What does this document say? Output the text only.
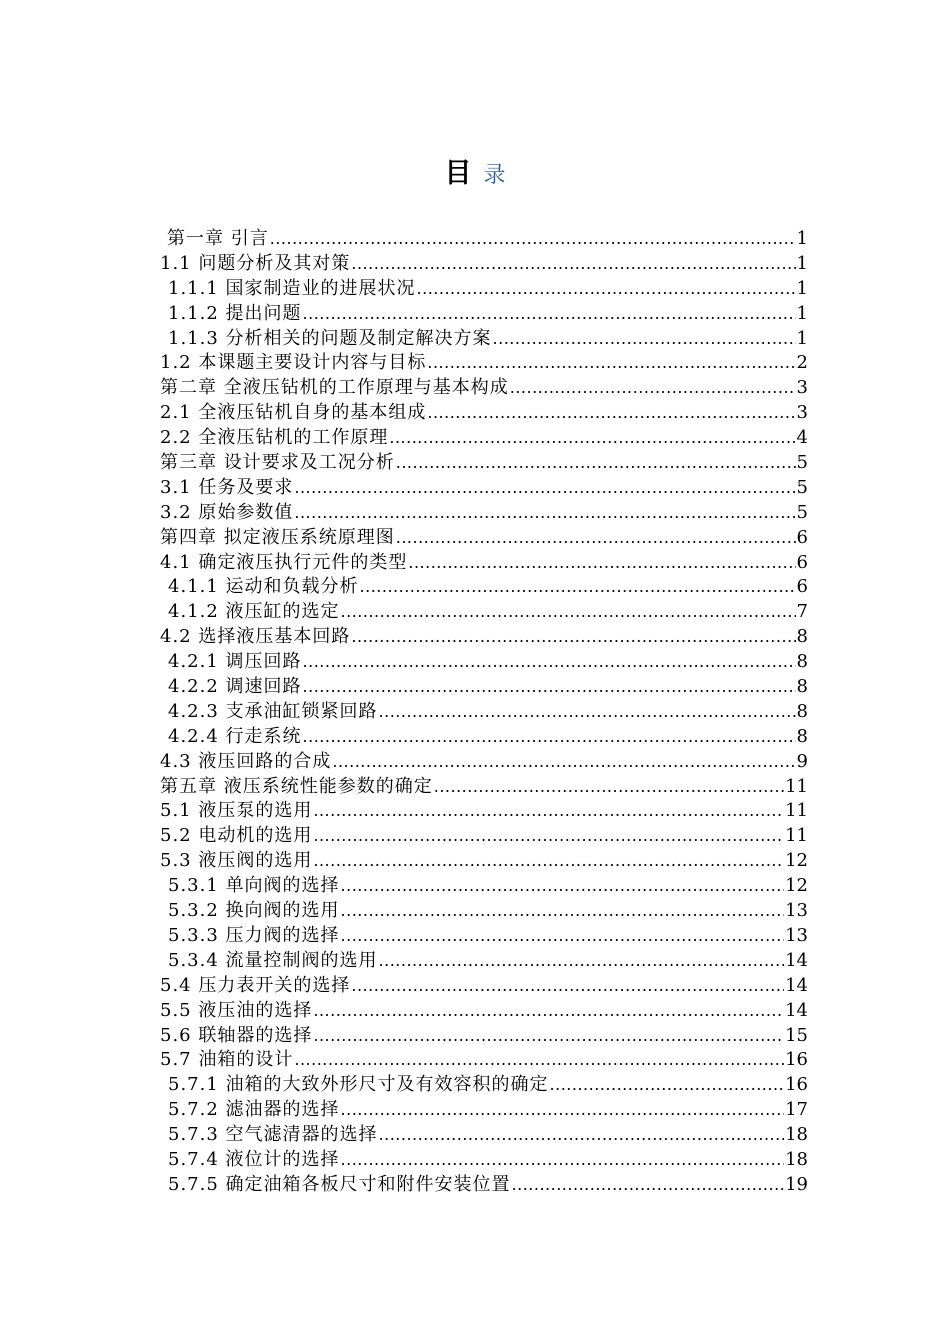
目 录
第一章 引言 .....	1
1.1 问题分析及其对策 .....	1
1.1.1 国家制造业的进展状况 .....	1
1.1.2 提出问题 .....	1
1.1.3 分析相关的问题及制定解决方案 .....	1
1.2 本课题主要设计内容与目标 .....	2
第二章 全液压钻机的工作原理与基本构成 .....	3
2.1 全液压钻机自身的基本组成 .....	3
2.2 全液压钻机的工作原理 .....	4
第三章 设计要求及工况分析 .....	5
3.1 任务及要求 .....	5
3.2 原始参数值 .....	5
第四章 拟定液压系统原理图 .....	6
4.1 确定液压执行元件的类型 .....	6
4.1.1 运动和负载分析 .....	6
4.1.2 液压缸的选定 .....	7
4.2 选择液压基本回路 .....	8
4.2.1 调压回路 .....	8
4.2.2 调速回路 .....	8
4.2.3 支承油缸锁紧回路 .....	8
4.2.4 行走系统 .....	8
4.3 液压回路的合成 .....	9
第五章 液压系统性能参数的确定 .....	11
5.1 液压泵的选用 .....	11
5.2 电动机的选用 .....	11
5.3 液压阀的选用 .....	12
5.3.1 单向阀的选择 .....	12
5.3.2 换向阀的选用 .....	13
5.3.3 压力阀的选择 .....	13
5.3.4 流量控制阀的选用 .....	14
5.4 压力表开关的选择 .....	14
5.5 液压油的选择 .....	14
5.6 联轴器的选择 .....	15
5.7 油箱的设计 .....	16
5.7.1 油箱的大致外形尺寸及有效容积的确定 .....	16
5.7.2 滤油器的选择 .....	17
5.7.3 空气滤清器的选择 .....	18
5.7.4 液位计的选择 .....	18
5.7.5 确定油箱各板尺寸和附件安装位置 .....	19
